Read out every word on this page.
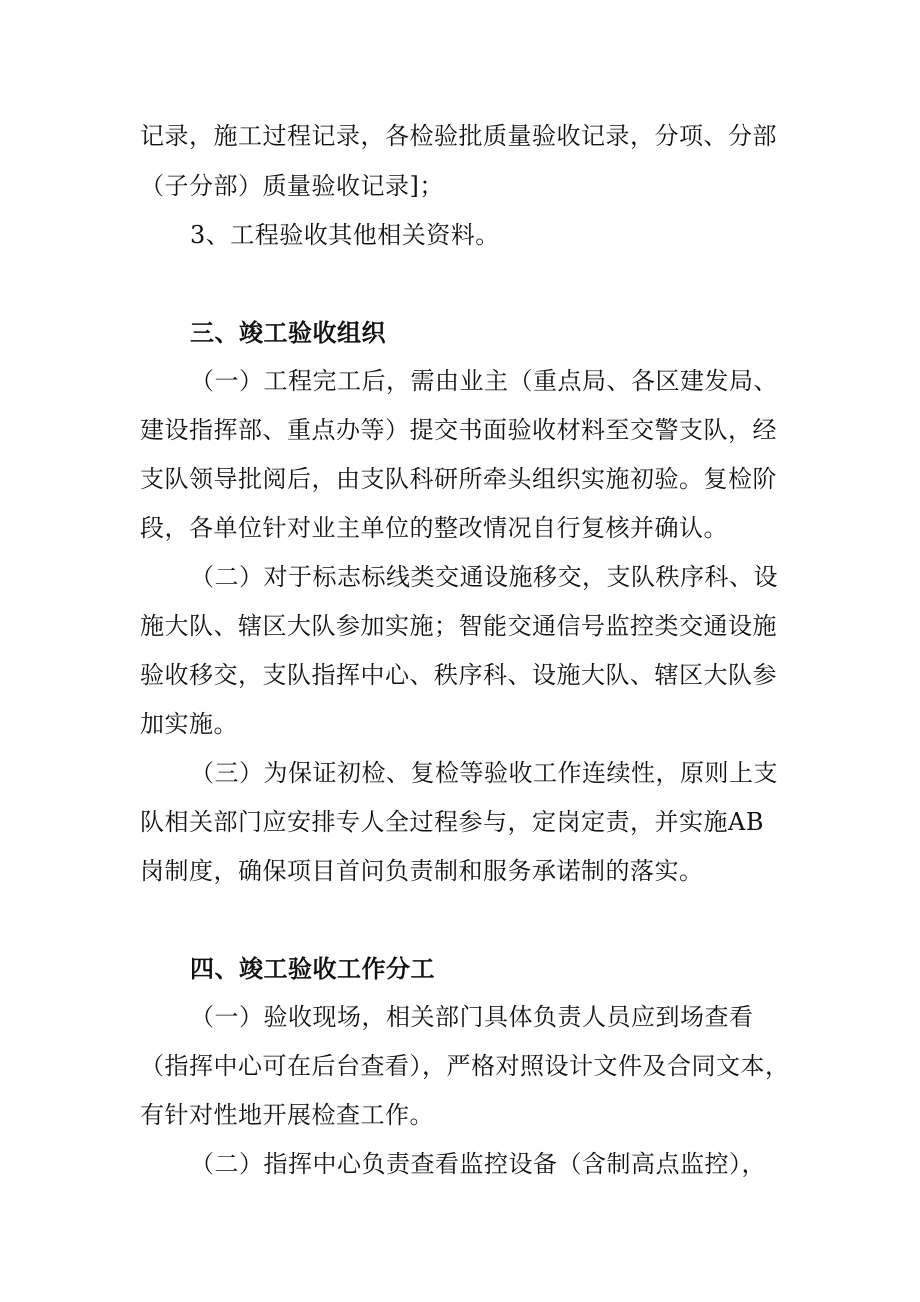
记录，施工过程记录，各检验批质量验收记录，分项、分部
（子分部）质量验收记录]；
3、工程验收其他相关资料。
三、竣工验收组织
（一）工程完工后，需由业主（重点局、各区建发局、
建设指挥部、重点办等）提交书面验收材料至交警支队，经
支队领导批阅后，由支队科研所牵头组织实施初验。复检阶
段，各单位针对业主单位的整改情况自行复核并确认。
（二）对于标志标线类交通设施移交，支队秩序科、设
施大队、辖区大队参加实施；智能交通信号监控类交通设施
验收移交，支队指挥中心、秩序科、设施大队、辖区大队参
加实施。
（三）为保证初检、复检等验收工作连续性，原则上支
队相关部门应安排专人全过程参与，定岗定责，并实施AB
岗制度，确保项目首问负责制和服务承诺制的落实。
四、竣工验收工作分工
（一）验收现场，相关部门具体负责人员应到场查看
（指挥中心可在后台查看），严格对照设计文件及合同文本，
有针对性地开展检查工作。
（二）指挥中心负责查看监控设备（含制高点监控），
